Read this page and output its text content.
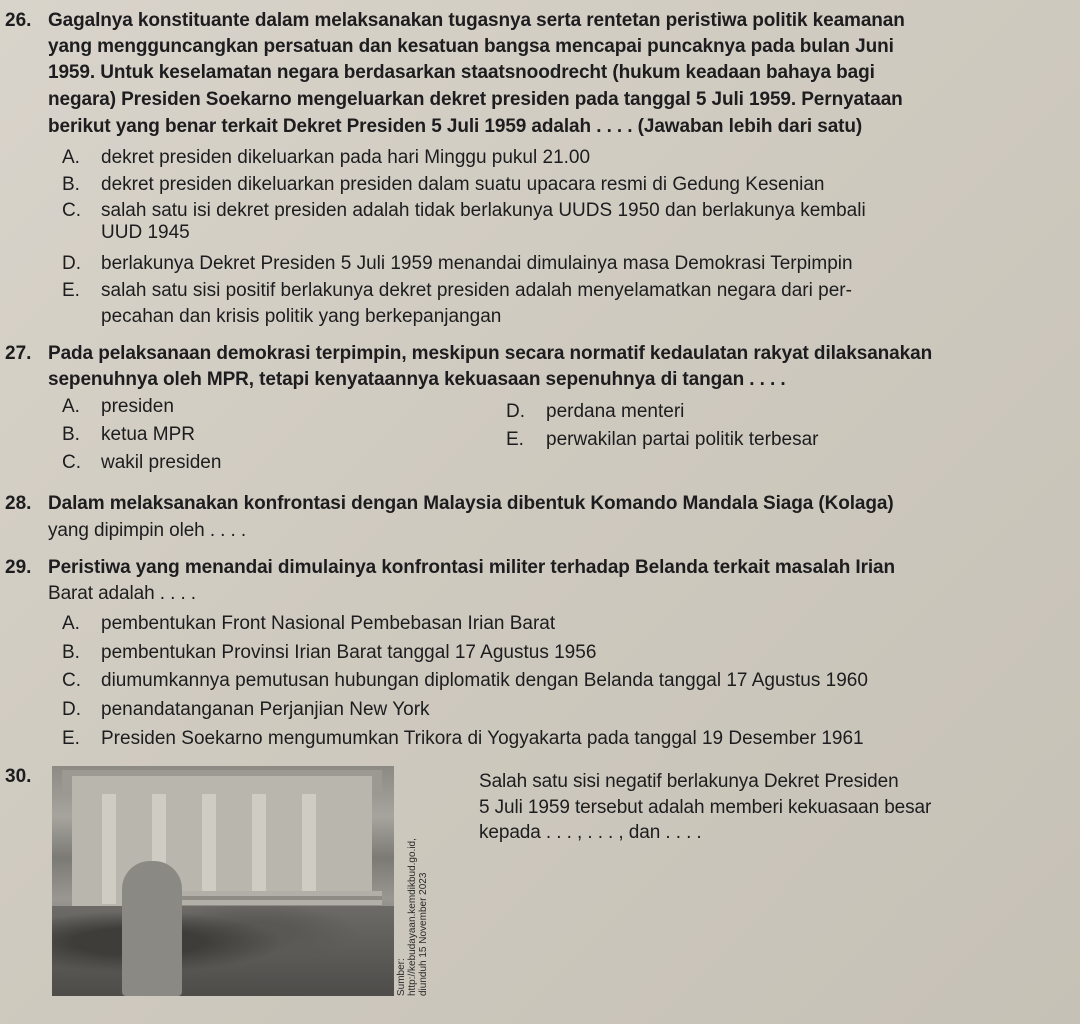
26. Gagalnya konstituante dalam melaksanakan tugasnya serta rentetan peristiwa politik keamanan
yang mengguncangkan persatuan dan kesatuan bangsa mencapai puncaknya pada bulan Juni
1959. Untuk keselamatan negara berdasarkan staatsnoodrecht (hukum keadaan bahaya bagi
negara) Presiden Soekarno mengeluarkan dekret presiden pada tanggal 5 Juli 1959. Pernyataan
berikut yang benar terkait Dekret Presiden 5 Juli 1959 adalah . . . . (Jawaban lebih dari satu)
A. dekret presiden dikeluarkan pada hari Minggu pukul 21.00
B. dekret presiden dikeluarkan presiden dalam suatu upacara resmi di Gedung Kesenian
C. salah satu isi dekret presiden adalah tidak berlakunya UUDS 1950 dan berlakunya kembali
UUD 1945
D. berlakunya Dekret Presiden 5 Juli 1959 menandai dimulainya masa Demokrasi Terpimpin
E. salah satu sisi positif berlakunya dekret presiden adalah menyelamatkan negara dari per-
pecahan dan krisis politik yang berkepanjangan
27. Pada pelaksanaan demokrasi terpimpin, meskipun secara normatif kedaulatan rakyat dilaksanakan
sepenuhnya oleh MPR, tetapi kenyataannya kekuasaan sepenuhnya di tangan . . . .
A. presiden
B. ketua MPR
C. wakil presiden
D. perdana menteri
E. perwakilan partai politik terbesar
28. Dalam melaksanakan konfrontasi dengan Malaysia dibentuk Komando Mandala Siaga (Kolaga)
yang dipimpin oleh . . . .
29. Peristiwa yang menandai dimulainya konfrontasi militer terhadap Belanda terkait masalah Irian
Barat adalah . . . .
A. pembentukan Front Nasional Pembebasan Irian Barat
B. pembentukan Provinsi Irian Barat tanggal 17 Agustus 1956
C. diumumkannya pemutusan hubungan diplomatik dengan Belanda tanggal 17 Agustus 1960
D. penandatanganan Perjanjian New York
E. Presiden Soekarno mengumumkan Trikora di Yogyakarta pada tanggal 19 Desember 1961
30.
Sumber: http://kebudayaan.kemdikbud.go.id, diunduh 15 November 2023
Salah satu sisi negatif berlakunya Dekret Presiden
5 Juli 1959 tersebut adalah memberi kekuasaan besar
kepada . . . , . . . , dan . . . .
